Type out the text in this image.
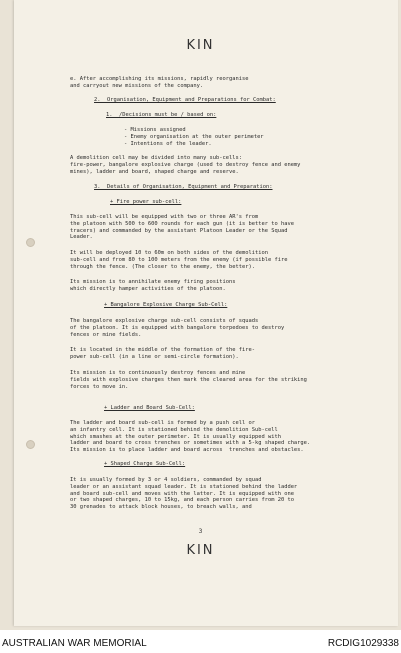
KIN

e. After accomplishing its missions, rapidly reorganise
and carryout new missions of the company.

2.  Organisation, Equipment and Preparations for Combat:

1.  /Decisions must be / based on:

- Missions assigned
- Enemy organisation at the outer perimeter
- Intentions of the leader.

A demolition cell may be divided into many sub-cells:
fire-power, bangalore explosive charge (used to destroy fence and enemy
mines), ladder and board, shaped charge and reserve.

3.  Details of Organisation, Equipment and Preparation:

+ Fire power sub-cell:

This sub-cell will be equipped with two or three AR's from
the platoon with 500 to 600 rounds for each gun (it is better to have
tracers) and commanded by the assistant Platoon Leader or the Squad
Leader.

It will be deployed 10 to 60m on both sides of the demolition
sub-cell and from 80 to 100 meters from the enemy (if possible fire
through the fence. (The closer to the enemy, the better).

Its mission is to annihilate enemy firing positions
which directly hamper activities of the platoon.

+ Bangalore Explosive Charge Sub-Cell:

The bangalore explosive charge sub-cell consists of squads
of the platoon. It is equipped with bangalore torpedoes to destroy
fences or mine fields.

It is located in the middle of the formation of the fire-
power sub-cell (in a line or semi-circle formation).

Its mission is to continuously destroy fences and mine
fields with explosive charges then mark the cleared area for the striking
forces to move in.

+ Ladder and Board Sub-Cell:

The ladder and board sub-cell is formed by a push cell or
an infantry cell. It is stationed behind the demolition Sub-cell
which smashes at the outer perimeter. It is usually equipped with
ladder and board to cross trenches or sometimes with a 5-kg shaped charge.
Its mission is to place ladder and board across  trenches and obstacles.

+ Shaped Charge Sub-Cell:

It is usually formed by 3 or 4 soldiers, commanded by squad
leader or an assistant squad leader. It is stationed behind the ladder
and board sub-cell and moves with the latter. It is equipped with one
or two shaped charges, 10 to 15kg, and each person carries from 20 to
30 grenades to attack block houses, to breach walls, and

3
KIN
AUSTRALIAN WAR MEMORIAL	RCDIG1029338
